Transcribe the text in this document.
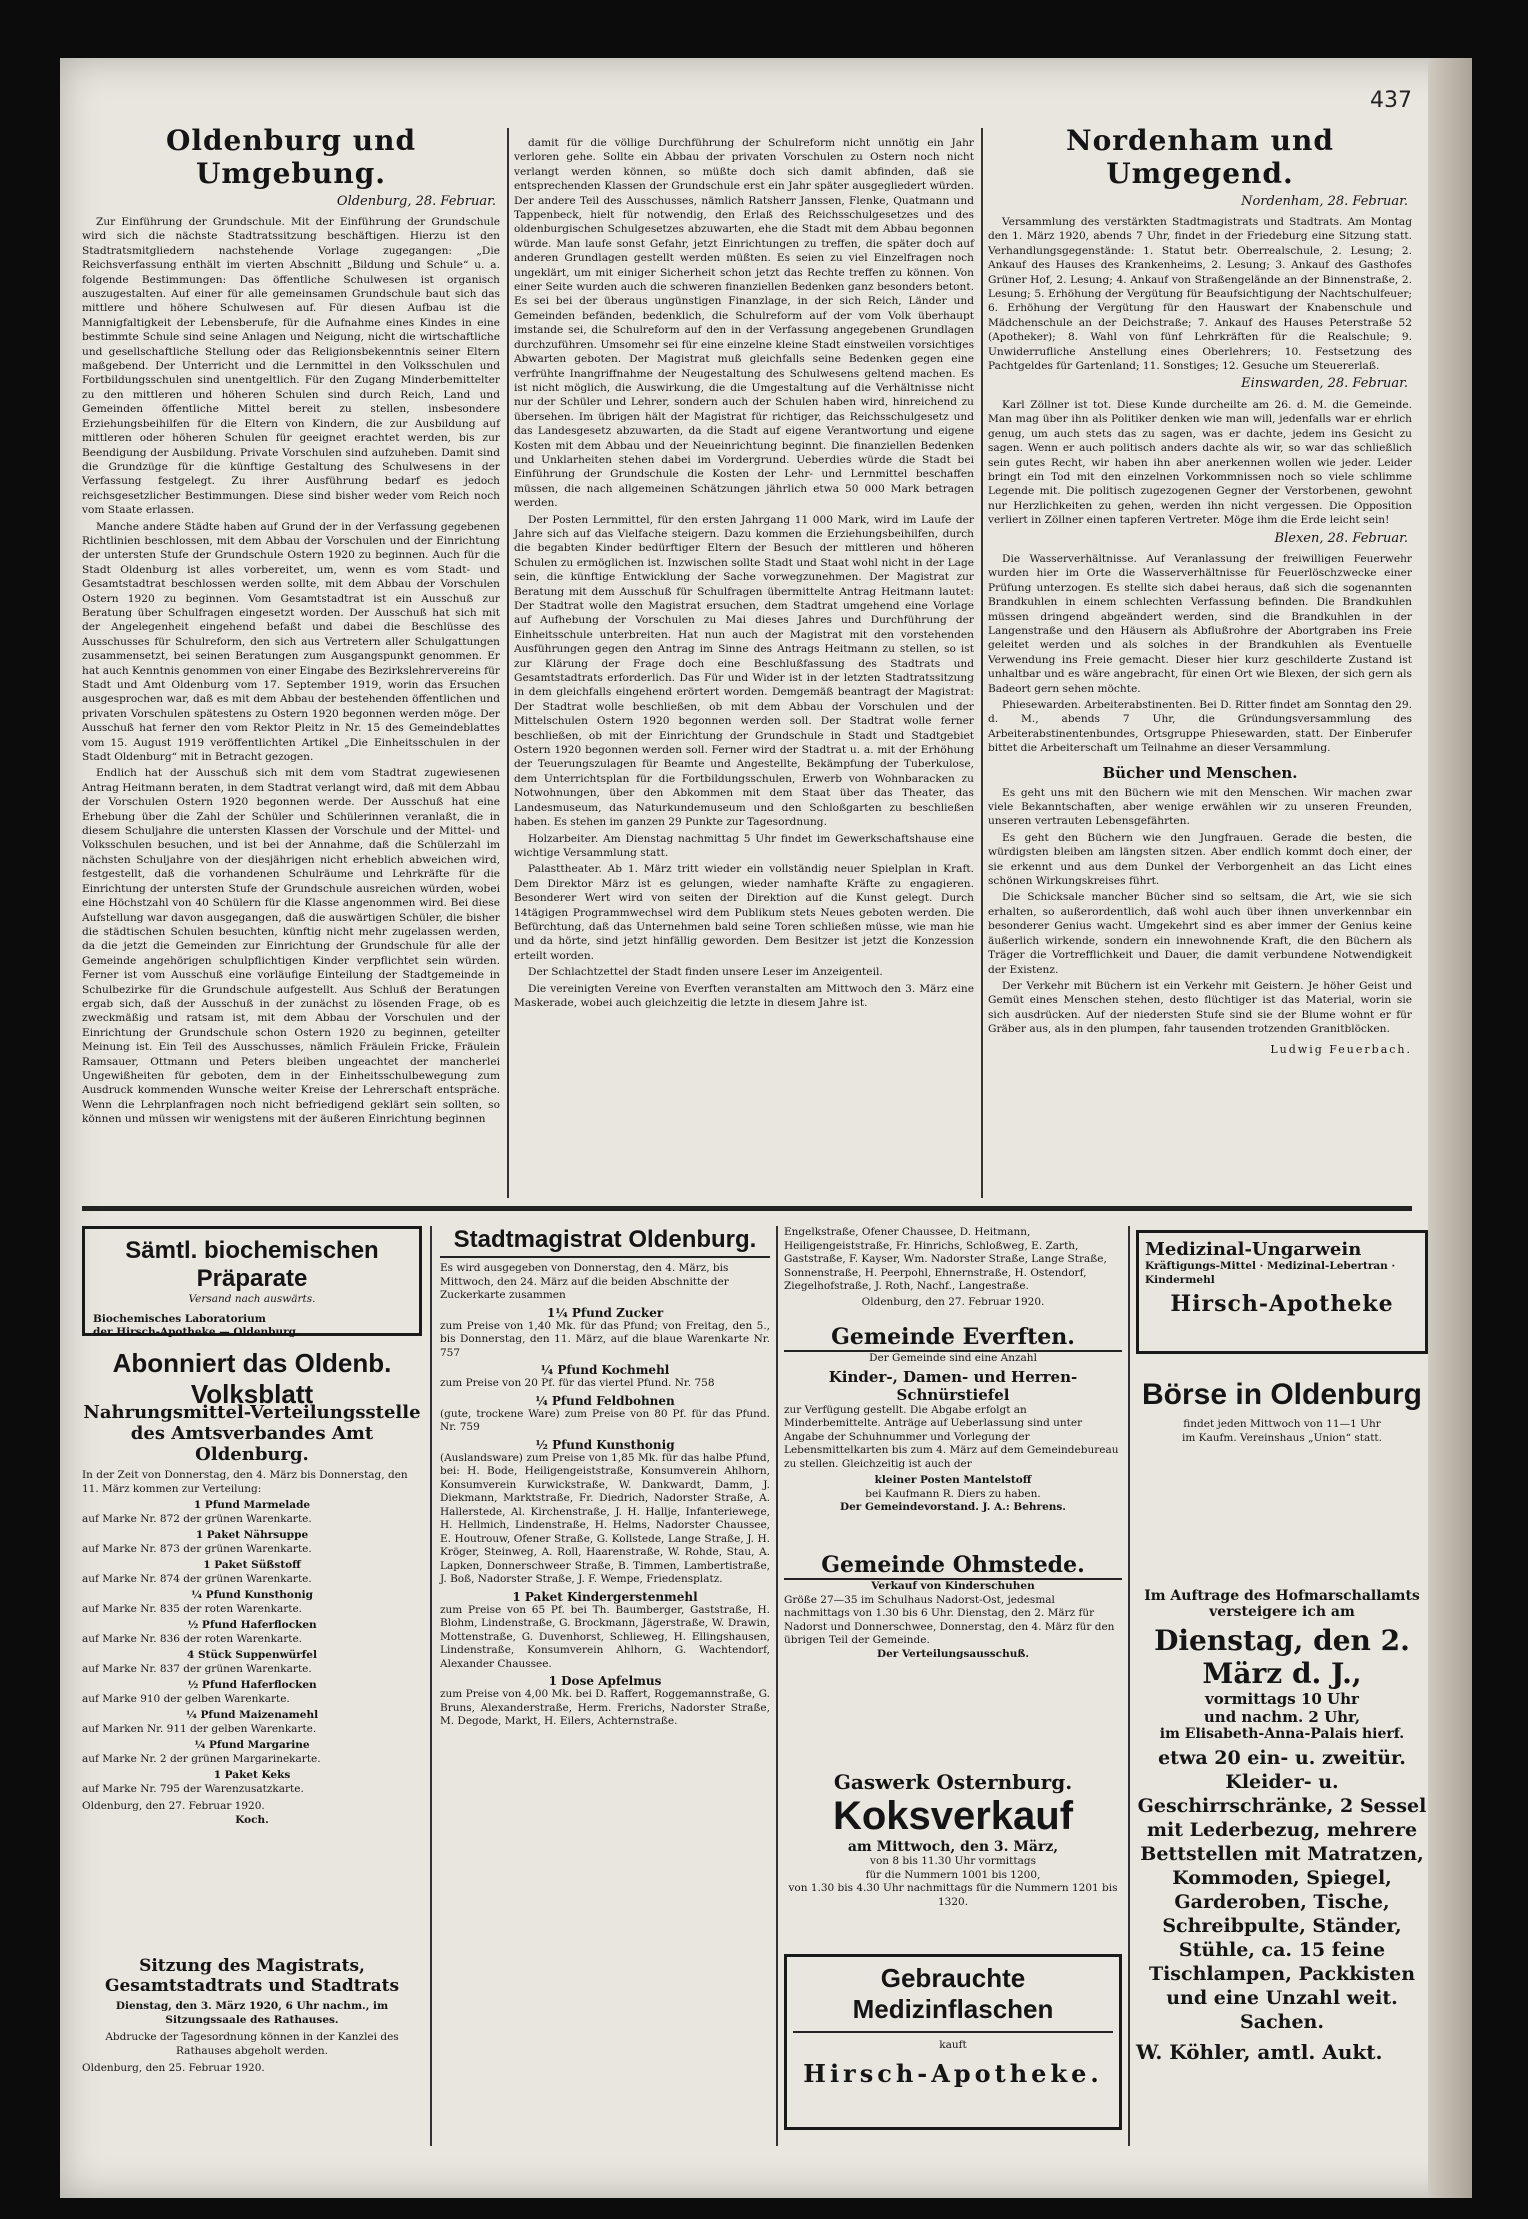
437
Oldenburg und Umgebung.
Oldenburg, 28. Februar.

Zur Einführung der Grundschule. Mit der Einführung der Grundschule wird sich die nächste Stadtratssitzung beschäftigen. Hierzu ist den Stadtratsmitgliedern nachstehende Vorlage zugegangen: „Die Reichsverfassung enthält im vierten Abschnitt „Bildung und Schule“ u. a. folgende Bestimmungen: Das öffentliche Schulwesen ist organisch auszugestalten. Auf einer für alle gemeinsamen Grundschule baut sich das mittlere und höhere Schulwesen auf. Für diesen Aufbau ist die Mannigfaltigkeit der Lebensberufe, für die Aufnahme eines Kindes in eine bestimmte Schule sind seine Anlagen und Neigung, nicht die wirtschaftliche und gesellschaftliche Stellung oder das Religionsbekenntnis seiner Eltern maßgebend. Der Unterricht und die Lernmittel in den Volksschulen und Fortbildungsschulen sind unentgeltlich. Für den Zugang Minderbemittelter zu den mittleren und höheren Schulen sind durch Reich, Land und Gemeinden öffentliche Mittel bereit zu stellen, insbesondere Erziehungsbeihilfen für die Eltern von Kindern, die zur Ausbildung auf mittleren oder höheren Schulen für geeignet erachtet werden, bis zur Beendigung der Ausbildung. Private Vorschulen sind aufzuheben. Damit sind die Grundzüge für die künftige Gestaltung des Schulwesens in der Verfassung festgelegt. Zu ihrer Ausführung bedarf es jedoch reichsgesetzlicher Bestimmungen. Diese sind bisher weder vom Reich noch vom Staate erlassen.

Manche andere Städte haben auf Grund der in der Verfassung gegebenen Richtlinien beschlossen, mit dem Abbau der Vorschulen und der Einrichtung der untersten Stufe der Grundschule Ostern 1920 zu beginnen. Auch für die Stadt Oldenburg ist alles vorbereitet, um, wenn es vom Stadt- und Gesamtstadtrat beschlossen werden sollte, mit dem Abbau der Vorschulen Ostern 1920 zu beginnen. Vom Gesamtstadtrat ist ein Ausschuß zur Beratung über Schulfragen eingesetzt worden. Der Ausschuß hat sich mit der Angelegenheit eingehend befaßt und dabei die Beschlüsse des Ausschusses für Schulreform, den sich aus Vertretern aller Schulgattungen zusammensetzt, bei seinen Beratungen zum Ausgangspunkt genommen. Er hat auch Kenntnis genommen von einer Eingabe des Bezirkslehrervereins für Stadt und Amt Oldenburg vom 17. September 1919, worin das Ersuchen ausgesprochen war, daß es mit dem Abbau der bestehenden öffentlichen und privaten Vorschulen spätestens zu Ostern 1920 begonnen werden möge. Der Ausschuß hat ferner den vom Rektor Pleitz in Nr. 15 des Gemeindeblattes vom 15. August 1919 veröffentlichten Artikel „Die Einheitsschulen in der Stadt Oldenburg“ mit in Betracht gezogen.

Endlich hat der Ausschuß sich mit dem vom Stadtrat zugewiesenen Antrag Heitmann beraten, in dem Stadtrat verlangt wird, daß mit dem Abbau der Vorschulen Ostern 1920 begonnen werde. Der Ausschuß hat eine Erhebung über die Zahl der Schüler und Schülerinnen veranlaßt, die in diesem Schuljahre die untersten Klassen der Vorschule und der Mittel- und Volksschulen besuchen, und ist bei der Annahme, daß die Schülerzahl im nächsten Schuljahre von der diesjährigen nicht erheblich abweichen wird, festgestellt, daß die vorhandenen Schulräume und Lehrkräfte für die Einrichtung der untersten Stufe der Grundschule ausreichen würden, wobei eine Höchstzahl von 40 Schülern für die Klasse angenommen wird. Bei diese Aufstellung war davon ausgegangen, daß die auswärtigen Schüler, die bisher die städtischen Schulen besuchten, künftig nicht mehr zugelassen werden, da die jetzt die Gemeinden zur Einrichtung der Grundschule für alle der Gemeinde angehörigen schulpflichtigen Kinder verpflichtet sein würden. Ferner ist vom Ausschuß eine vorläufige Einteilung der Stadtgemeinde in Schulbezirke für die Grundschule aufgestellt. Aus Schluß der Beratungen ergab sich, daß der Ausschuß in der zunächst zu lösenden Frage, ob es zweckmäßig und ratsam ist, mit dem Abbau der Vorschulen und der Einrichtung der Grundschule schon Ostern 1920 zu beginnen, geteilter Meinung ist. Ein Teil des Ausschusses, nämlich Fräulein Fricke, Fräulein Ramsauer, Ottmann und Peters bleiben ungeachtet der mancherlei Ungewißheiten für geboten, dem in der Einheitsschulbewegung zum Ausdruck kommenden Wunsche weiter Kreise der Lehrerschaft entspräche. Wenn die Lehrplanfragen noch nicht befriedigend geklärt sein sollten, so können und müssen wir wenigstens mit der äußeren Einrichtung beginnen

damit für die völlige Durchführung der Schulreform nicht unnötig ein Jahr verloren gehe. Sollte ein Abbau der privaten Vorschulen zu Ostern noch nicht verlangt werden können, so müßte doch sich damit abfinden, daß sie entsprechenden Klassen der Grundschule erst ein Jahr später ausgegliedert würden. Der andere Teil des Ausschusses, nämlich Ratsherr Janssen, Flenke, Quatmann und Tappenbeck, hielt für notwendig, den Erlaß des Reichsschulgesetzes und des oldenburgischen Schulgesetzes abzuwarten, ehe die Stadt mit dem Abbau begonnen würde. Man laufe sonst Gefahr, jetzt Einrichtungen zu treffen, die später doch auf anderen Grundlagen gestellt werden müßten. Es seien zu viel Einzelfragen noch ungeklärt, um mit einiger Sicherheit schon jetzt das Rechte treffen zu können. Von einer Seite wurden auch die schweren finanziellen Bedenken ganz besonders betont. Es sei bei der überaus ungünstigen Finanzlage, in der sich Reich, Länder und Gemeinden befänden, bedenklich, die Schulreform auf der vom Volk überhaupt imstande sei, die Schulreform auf den in der Verfassung angegebenen Grundlagen durchzuführen. Umsomehr sei für eine einzelne kleine Stadt einstweilen vorsichtiges Abwarten geboten. Der Magistrat muß gleichfalls seine Bedenken gegen eine verfrühte Inangriffnahme der Neugestaltung des Schulwesens geltend machen. Es ist nicht möglich, die Auswirkung, die die Umgestaltung auf die Verhältnisse nicht nur der Schüler und Lehrer, sondern auch der Schulen haben wird, hinreichend zu übersehen. Im übrigen hält der Magistrat für richtiger, das Reichsschulgesetz und das Landesgesetz abzuwarten, da die Stadt auf eigene Verantwortung und eigene Kosten mit dem Abbau und der Neueinrichtung beginnt. Die finanziellen Bedenken und Unklarheiten stehen dabei im Vordergrund. Ueberdies würde die Stadt bei Einführung der Grundschule die Kosten der Lehr- und Lernmittel beschaffen müssen, die nach allgemeinen Schätzungen jährlich etwa 50 000 Mark betragen werden.

Der Posten Lernmittel, für den ersten Jahrgang 11 000 Mark, wird im Laufe der Jahre sich auf das Vielfache steigern. Dazu kommen die Erziehungsbeihilfen, durch die begabten Kinder bedürftiger Eltern der Besuch der mittleren und höheren Schulen zu ermöglichen ist. Inzwischen sollte Stadt und Staat wohl nicht in der Lage sein, die künftige Entwicklung der Sache vorwegzunehmen. Der Magistrat zur Beratung mit dem Ausschuß für Schulfragen übermittelte Antrag Heitmann lautet: Der Stadtrat wolle den Magistrat ersuchen, dem Stadtrat umgehend eine Vorlage auf Aufhebung der Vorschulen zu Mai dieses Jahres und Durchführung der Einheitsschule unterbreiten. Hat nun auch der Magistrat mit den vorstehenden Ausführungen gegen den Antrag im Sinne des Antrags Heitmann zu stellen, so ist zur Klärung der Frage doch eine Beschlußfassung des Stadtrats und Gesamtstadtrats erforderlich. Das Für und Wider ist in der letzten Stadtratssitzung in dem gleichfalls eingehend erörtert worden. Demgemäß beantragt der Magistrat: Der Stadtrat wolle beschließen, ob mit dem Abbau der Vorschulen und der Mittelschulen Ostern 1920 begonnen werden soll. Der Stadtrat wolle ferner beschließen, ob mit der Einrichtung der Grundschule in Stadt und Stadtgebiet Ostern 1920 begonnen werden soll. Ferner wird der Stadtrat u. a. mit der Erhöhung der Teuerungszulagen für Beamte und Angestellte, Bekämpfung der Tuberkulose, dem Unterrichtsplan für die Fortbildungsschulen, Erwerb von Wohnbaracken zu Notwohnungen, über den Abkommen mit dem Staat über das Theater, das Landesmuseum, das Naturkundemuseum und den Schloßgarten zu beschließen haben. Es stehen im ganzen 29 Punkte zur Tagesordnung.

Holzarbeiter. Am Dienstag nachmittag 5 Uhr findet im Gewerkschaftshause eine wichtige Versammlung statt.

Palasttheater. Ab 1. März tritt wieder ein vollständig neuer Spielplan in Kraft. Dem Direktor März ist es gelungen, wieder namhafte Kräfte zu engagieren. Besonderer Wert wird von seiten der Direktion auf die Kunst gelegt. Durch 14tägigen Programmwechsel wird dem Publikum stets Neues geboten werden. Die Befürchtung, daß das Unternehmen bald seine Toren schließen müsse, wie man hie und da hörte, sind jetzt hinfällig geworden. Dem Besitzer ist jetzt die Konzession erteilt worden.

Der Schlachtzettel der Stadt finden unsere Leser im Anzeigenteil.

Die vereinigten Vereine von Everften veranstalten am Mittwoch den 3. März eine Maskerade, wobei auch gleichzeitig die letzte in diesem Jahre ist.

Nordenham und Umgegend.
Nordenham, 28. Februar.

Versammlung des verstärkten Stadtmagistrats und Stadtrats. Am Montag den 1. März 1920, abends 7 Uhr, findet in der Friedeburg eine Sitzung statt. Verhandlungsgegenstände: 1. Statut betr. Oberrealschule, 2. Lesung; 2. Ankauf des Hauses des Krankenheims, 2. Lesung; 3. Ankauf des Gasthofes Grüner Hof, 2. Lesung; 4. Ankauf von Straßengelände an der Binnenstraße, 2. Lesung; 5. Erhöhung der Vergütung für Beaufsichtigung der Nachtschulfeuer; 6. Erhöhung der Vergütung für den Hauswart der Knabenschule und Mädchenschule an der Deichstraße; 7. Ankauf des Hauses Peterstraße 52 (Apotheker); 8. Wahl von fünf Lehrkräften für die Realschule; 9. Unwiderrufliche Anstellung eines Oberlehrers; 10. Festsetzung des Pachtgeldes für Gartenland; 11. Sonstiges; 12. Gesuche um Steuererlaß.

Einswarden, 28. Februar.

Karl Zöllner ist tot. Diese Kunde durcheilte am 26. d. M. die Gemeinde. Man mag über ihn als Politiker denken wie man will, jedenfalls war er ehrlich genug, um auch stets das zu sagen, was er dachte, jedem ins Gesicht zu sagen. Wenn er auch politisch anders dachte als wir, so war das schließlich sein gutes Recht, wir haben ihn aber anerkennen wollen wie jeder. Leider bringt ein Tod mit den einzelnen Vorkommnissen noch so viele schlimme Legende mit. Die politisch zugezogenen Gegner der Verstorbenen, gewohnt nur Herzlichkeiten zu gehen, werden ihn nicht vergessen. Die Opposition verliert in Zöllner einen tapferen Vertreter. Möge ihm die Erde leicht sein!

Blexen, 28. Februar.

Die Wasserverhältnisse. Auf Veranlassung der freiwilligen Feuerwehr wurden hier im Orte die Wasserverhältnisse für Feuerlöschzwecke einer Prüfung unterzogen. Es stellte sich dabei heraus, daß sich die sogenannten Brandkuhlen in einem schlechten Verfassung befinden. Die Brandkuhlen müssen dringend abgeändert werden, sind die Brandkuhlen in der Langenstraße und den Häusern als Abflußrohre der Abortgraben ins Freie geleitet werden und als solches in der Brandkuhlen als Eventuelle Verwendung ins Freie gemacht. Dieser hier kurz geschilderte Zustand ist unhaltbar und es wäre angebracht, für einen Ort wie Blexen, der sich gern als Badeort gern sehen möchte.

Phiesewarden. Arbeiterabstinenten. Bei D. Ritter findet am Sonntag den 29. d. M., abends 7 Uhr, die Gründungsversammlung des Arbeiterabstinentenbundes, Ortsgruppe Phiesewarden, statt. Der Einberufer bittet die Arbeiterschaft um Teilnahme an dieser Versammlung.

Bücher und Menschen.

Es geht uns mit den Büchern wie mit den Menschen. Wir machen zwar viele Bekanntschaften, aber wenige erwählen wir zu unseren Freunden, unseren vertrauten Lebensgefährten.

Es geht den Büchern wie den Jungfrauen. Gerade die besten, die würdigsten bleiben am längsten sitzen. Aber endlich kommt doch einer, der sie erkennt und aus dem Dunkel der Verborgenheit an das Licht eines schönen Wirkungskreises führt.

Die Schicksale mancher Bücher sind so seltsam, die Art, wie sie sich erhalten, so außerordentlich, daß wohl auch über ihnen unverkennbar ein besonderer Genius wacht. Umgekehrt sind es aber immer der Genius keine äußerlich wirkende, sondern ein innewohnende Kraft, die den Büchern als Träger die Vortrefflichkeit und Dauer, die damit verbundene Notwendigkeit der Existenz.

Der Verkehr mit Büchern ist ein Verkehr mit Geistern. Je höher Geist und Gemüt eines Menschen stehen, desto flüchtiger ist das Material, worin sie sich ausdrücken. Auf der niedersten Stufe sind sie der Blume wohnt er für Gräber aus, als in den plumpen, fahr tausenden trotzenden Granitblöcken.

Ludwig Feuerbach.
Sämtl. biochemischen Präparate
Versand nach auswärts.
Biochemisches Laboratorium
der Hirsch-Apotheke — Oldenburg.
Abonniert das Oldenb. Volksblatt
Nahrungsmittel-Verteilungsstelle des Amtsverbandes Amt Oldenburg.
In der Zeit von Donnerstag, den 4. März bis Donnerstag, den 11. März kommen zur Verteilung:
1 Pfund Marmelade
auf Marke Nr. 872 der grünen Warenkarte.
1 Paket Nährsuppe
auf Marke Nr. 873 der grünen Warenkarte.
1 Paket Süßstoff
auf Marke Nr. 874 der grünen Warenkarte.
¼ Pfund Kunsthonig
auf Marke Nr. 835 der roten Warenkarte.
½ Pfund Haferflocken
auf Marke Nr. 836 der roten Warenkarte.
4 Stück Suppenwürfel
auf Marke Nr. 837 der grünen Warenkarte.
½ Pfund Haferflocken
auf Marke 910 der gelben Warenkarte.
¼ Pfund Maizenamehl
auf Marken Nr. 911 der gelben Warenkarte.
¼ Pfund Margarine
auf Marke Nr. 2 der grünen Margarinekarte.
1 Paket Keks
auf Marke Nr. 795 der Warenzusatzkarte.
Oldenburg, den 27. Februar 1920.
Koch.
Sitzung des Magistrats, Gesamtstadtrats und Stadtrats
Dienstag, den 3. März 1920, 6 Uhr nachm., im Sitzungssaale des Rathauses.
Abdrucke der Tagesordnung können in der Kanzlei des Rathauses abgeholt werden.
Oldenburg, den 25. Februar 1920.
Stadtmagistrat Oldenburg.
Es wird ausgegeben von Donnerstag, den 4. März, bis Mittwoch, den 24. März auf die beiden Abschnitte der Zuckerkarte zusammen
1¼ Pfund Zucker
zum Preise von 1,40 Mk. für das Pfund; von Freitag, den 5., bis Donnerstag, den 11. März, auf die blaue Warenkarte Nr. 757
¼ Pfund Kochmehl
zum Preise von 20 Pf. für das viertel Pfund. Nr. 758
¼ Pfund Feldbohnen
(gute, trockene Ware) zum Preise von 80 Pf. für das Pfund. Nr. 759
½ Pfund Kunsthonig
(Auslandsware) zum Preise von 1,85 Mk. für das halbe Pfund, bei: H. Bode, Heiligengeiststraße, Konsumverein Ahlhorn, Konsumverein Kurwickstraße, W. Dankwardt, Damm, J. Diekmann, Marktstraße, Fr. Diedrich, Nadorster Straße, A. Hallerstede, Al. Kirchenstraße, J. H. Hallje, Infanteriewege, H. Hellmich, Lindenstraße, H. Helms, Nadorster Chaussee, E. Houtrouw, Ofener Straße, G. Kollstede, Lange Straße, J. H. Kröger, Steinweg, A. Roll, Haarenstraße, W. Rohde, Stau, A. Lapken, Donnerschweer Straße, B. Timmen, Lambertistraße, J. Boß, Nadorster Straße, J. F. Wempe, Friedensplatz.
1 Paket Kindergerstenmehl
zum Preise von 65 Pf. bei Th. Baumberger, Gaststraße, H. Blohm, Lindenstraße, G. Brockmann, Jägerstraße, W. Drawin, Mottenstraße, G. Duvenhorst, Schlieweg, H. Ellingshausen, Lindenstraße, Konsumverein Ahlhorn, G. Wachtendorf, Alexander Chaussee.
1 Dose Apfelmus
zum Preise von 4,00 Mk. bei D. Raffert, Roggemannstraße, G. Bruns, Alexanderstraße, Herm. Frerichs, Nadorster Straße, M. Degode, Markt, H. Eilers, Achternstraße.
Engelkstraße, Ofener Chaussee, D. Heitmann, Heiligengeiststraße, Fr. Hinrichs, Schloßweg, E. Zarth, Gaststraße, F. Kayser, Wm. Nadorster Straße, Lange Straße, Sonnenstraße, H. Peerpohl, Ehnernstraße, H. Ostendorf, Ziegelhofstraße, J. Roth, Nachf., Langestraße.
Oldenburg, den 27. Februar 1920.
Gemeinde Everften.
Der Gemeinde sind eine Anzahl
Kinder-, Damen- und Herren-Schnürstiefel
zur Verfügung gestellt. Die Abgabe erfolgt an Minderbemittelte. Anträge auf Ueberlassung sind unter Angabe der Schuhnummer und Vorlegung der Lebensmittelkarten bis zum 4. März auf dem Gemeindebureau zu stellen. Gleichzeitig ist auch der
kleiner Posten Mantelstoff
bei Kaufmann R. Diers zu haben.
Der Gemeindevorstand. J. A.: Behrens.
Gemeinde Ohmstede.
Verkauf von Kinderschuhen
Größe 27—35 im Schulhaus Nadorst-Ost, jedesmal nachmittags von 1.30 bis 6 Uhr. Dienstag, den 2. März für Nadorst und Donnerschwee, Donnerstag, den 4. März für den übrigen Teil der Gemeinde.
Der Verteilungsausschuß.
Gaswerk Osternburg.
Koksverkauf
am Mittwoch, den 3. März,
von 8 bis 11.30 Uhr vormittags
für die Nummern 1001 bis 1200,
von 1.30 bis 4.30 Uhr nachmittags für die Nummern 1201 bis 1320.
Gebrauchte Medizinflaschen
kauft
Hirsch-Apotheke.
Medizinal-Ungarwein
Kräftigungs-Mittel · Medizinal-Lebertran · Kindermehl
Hirsch-Apotheke
Börse in Oldenburg
findet jeden Mittwoch von 11—1 Uhr
im Kaufm. Vereinshaus „Union“ statt.
Im Auftrage des Hofmarschallamts
versteigere ich am
Dienstag, den 2. März d. J.,
vormittags 10 Uhr
und nachm. 2 Uhr,
im Elisabeth-Anna-Palais hierf.
etwa 20 ein- u. zweitür. Kleider- u. Geschirrschränke, 2 Sessel mit Lederbezug, mehrere Bettstellen mit Matratzen, Kommoden, Spiegel, Garderoben, Tische, Schreibpulte, Ständer, Stühle, ca. 15 feine Tischlampen, Packkisten und eine Unzahl weit. Sachen.
W. Köhler, amtl. Aukt.
